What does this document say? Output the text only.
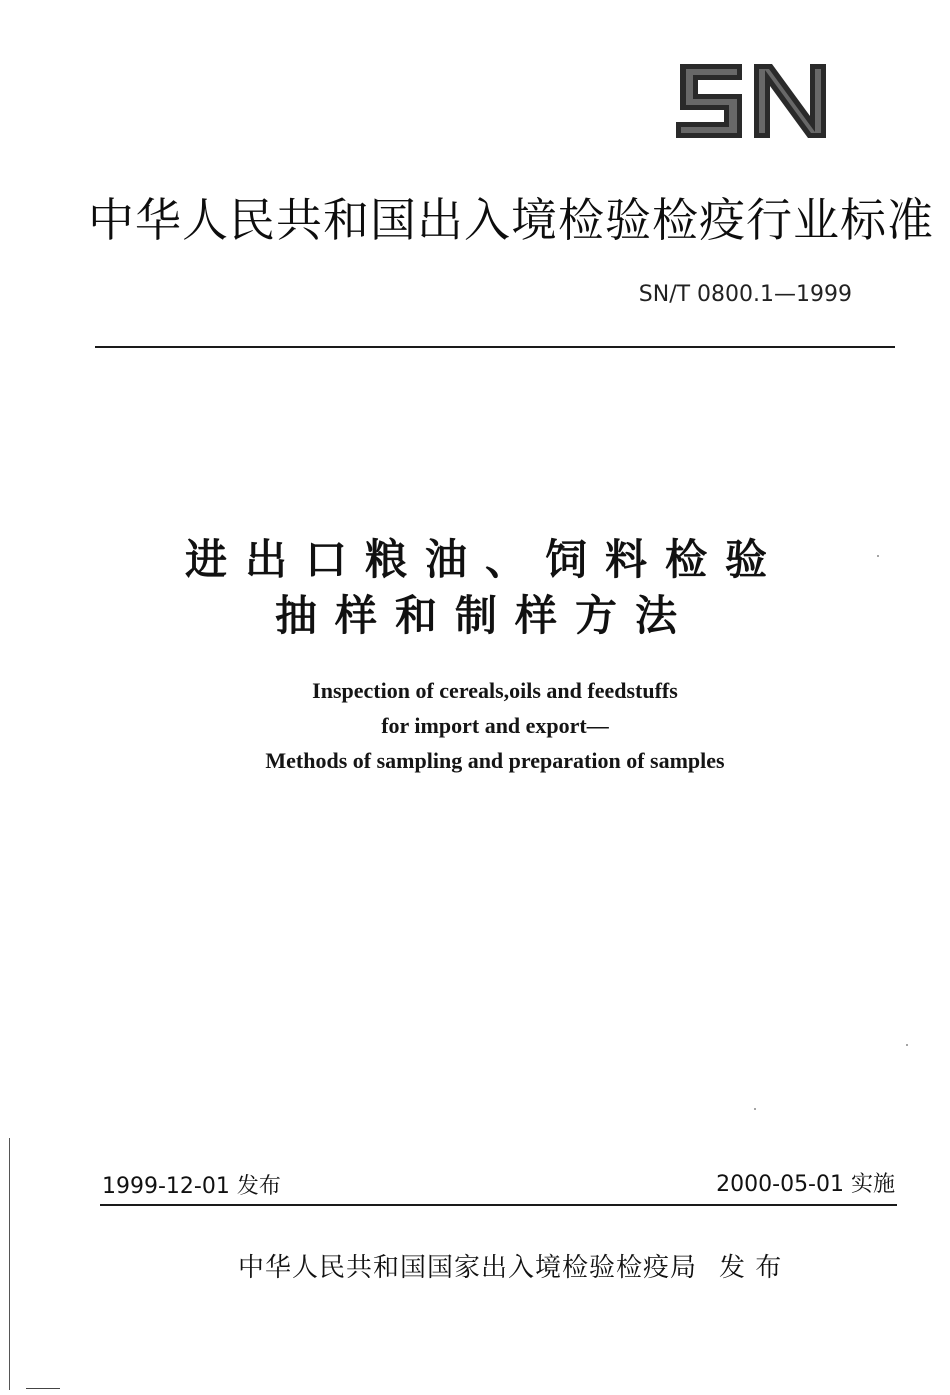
中华人民共和国出入境检验检疫行业标准
SN/T 0800.1—1999
进出口粮油、饲料检验
抽样和制样方法
Inspection of cereals,oils and feedstuffs
for import and export—
Methods of sampling and preparation of samples
1999-12-01 发布	2000-05-01 实施
中华人民共和国国家出入境检验检疫局 发 布
